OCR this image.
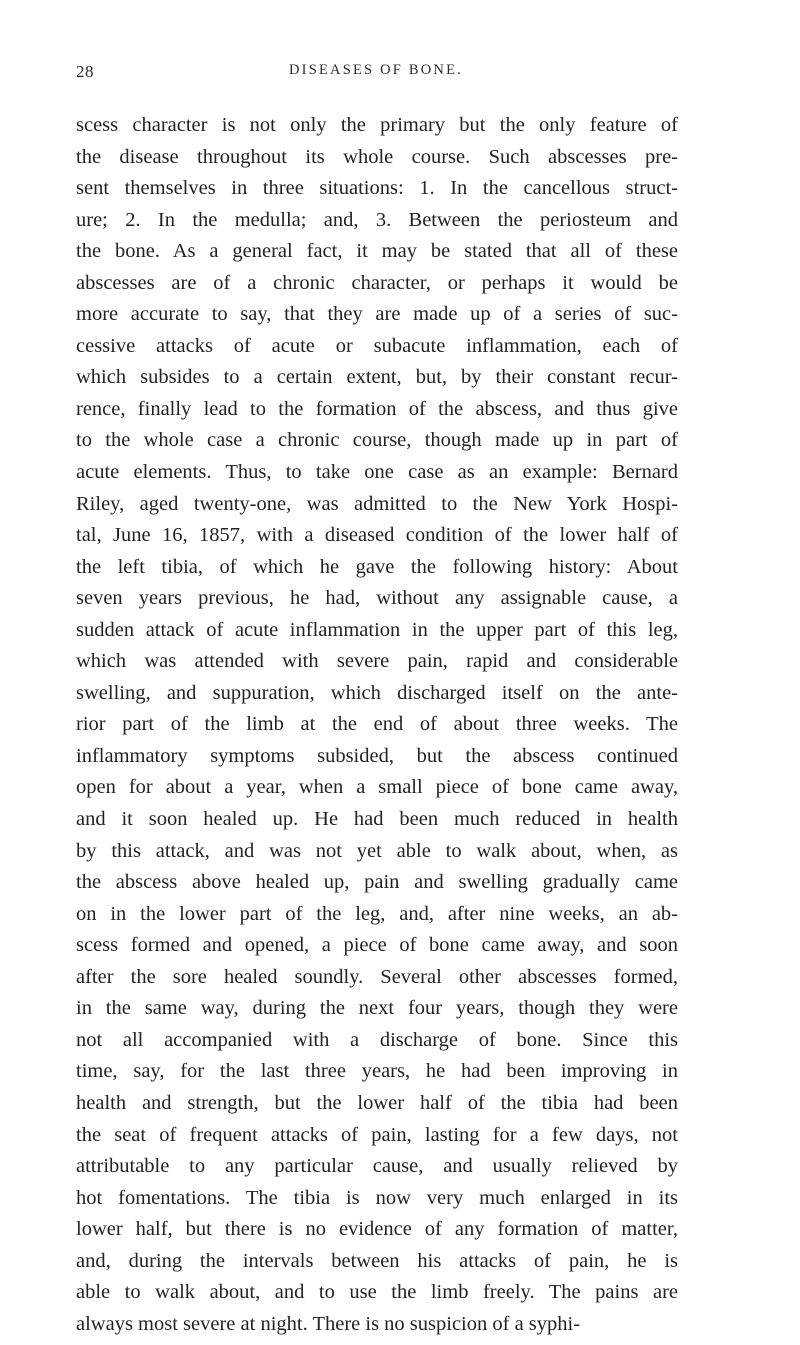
28	DISEASES OF BONE.
scess character is not only the primary but the only feature of
the disease throughout its whole course. Such abscesses pre-
sent themselves in three situations: 1. In the cancellous struct-
ure; 2. In the medulla; and, 3. Between the periosteum and
the bone. As a general fact, it may be stated that all of these
abscesses are of a chronic character, or perhaps it would be
more accurate to say, that they are made up of a series of suc-
cessive attacks of acute or subacute inflammation, each of
which subsides to a certain extent, but, by their constant recur-
rence, finally lead to the formation of the abscess, and thus give
to the whole case a chronic course, though made up in part of
acute elements. Thus, to take one case as an example: Bernard
Riley, aged twenty-one, was admitted to the New York Hospi-
tal, June 16, 1857, with a diseased condition of the lower half of
the left tibia, of which he gave the following history: About
seven years previous, he had, without any assignable cause, a
sudden attack of acute inflammation in the upper part of this leg,
which was attended with severe pain, rapid and considerable
swelling, and suppuration, which discharged itself on the ante-
rior part of the limb at the end of about three weeks. The
inflammatory symptoms subsided, but the abscess continued
open for about a year, when a small piece of bone came away,
and it soon healed up. He had been much reduced in health
by this attack, and was not yet able to walk about, when, as
the abscess above healed up, pain and swelling gradually came
on in the lower part of the leg, and, after nine weeks, an ab-
scess formed and opened, a piece of bone came away, and soon
after the sore healed soundly. Several other abscesses formed,
in the same way, during the next four years, though they were
not all accompanied with a discharge of bone. Since this
time, say, for the last three years, he had been improving in
health and strength, but the lower half of the tibia had been
the seat of frequent attacks of pain, lasting for a few days, not
attributable to any particular cause, and usually relieved by
hot fomentations. The tibia is now very much enlarged in its
lower half, but there is no evidence of any formation of matter,
and, during the intervals between his attacks of pain, he is
able to walk about, and to use the limb freely. The pains are
always most severe at night. There is no suspicion of a syphi-
